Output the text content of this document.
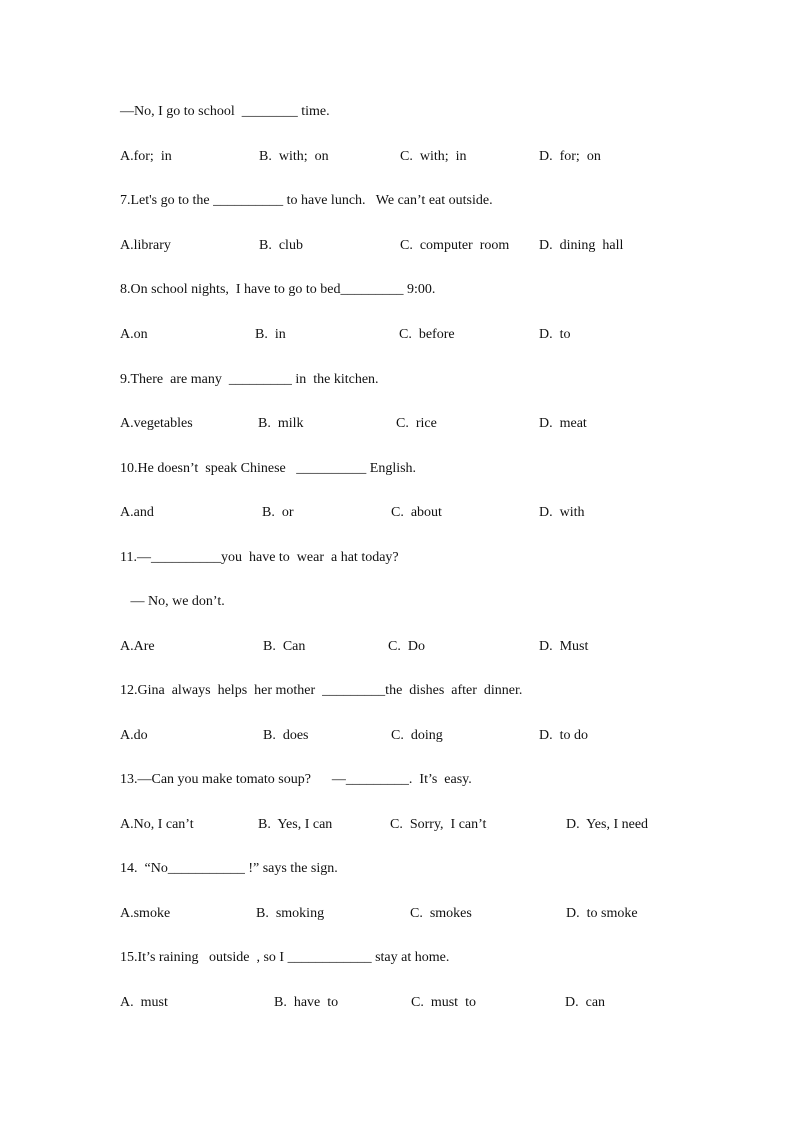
—No, I go to school  ________ time.
A.for;  in	B.  with;  on	C.  with;  in	D.  for;  on
7.Let's go to the __________ to have lunch.   We can’t eat outside.
A.library	B.  club	C.  computer  room D.  dining  hall
8.On school nights,  I have to go to bed_________ 9:00.
A.on	B.  in	C.  before	D.  to
9.There  are many  _________ in  the kitchen.
A.vegetables	B.  milk	C.  rice	D.  meat
10.He doesn’t  speak Chinese   __________ English.
A.and	B.  or	C.  about	D.  with
11.—__________you  have to  wear  a hat today?
— No, we don’t.
A.Are	B.  Can	C.  Do	D.  Must
12.Gina  always  helps  her mother  _________the  dishes  after  dinner.
A.do	B.  does	C.  doing	D.  to do
13.—Can you make tomato soup?      —_________.  It’s  easy.
A.No, I can’t	B.  Yes, I can	C.  Sorry,  I can’t	D.  Yes, I need
14.  “No___________ !” says the sign.
A.smoke	B.  smoking	C.  smokes	D.  to smoke
15.It’s raining   outside  , so I ____________ stay at home.
A.  must	B.  have  to	C.  must  to	D.  can
